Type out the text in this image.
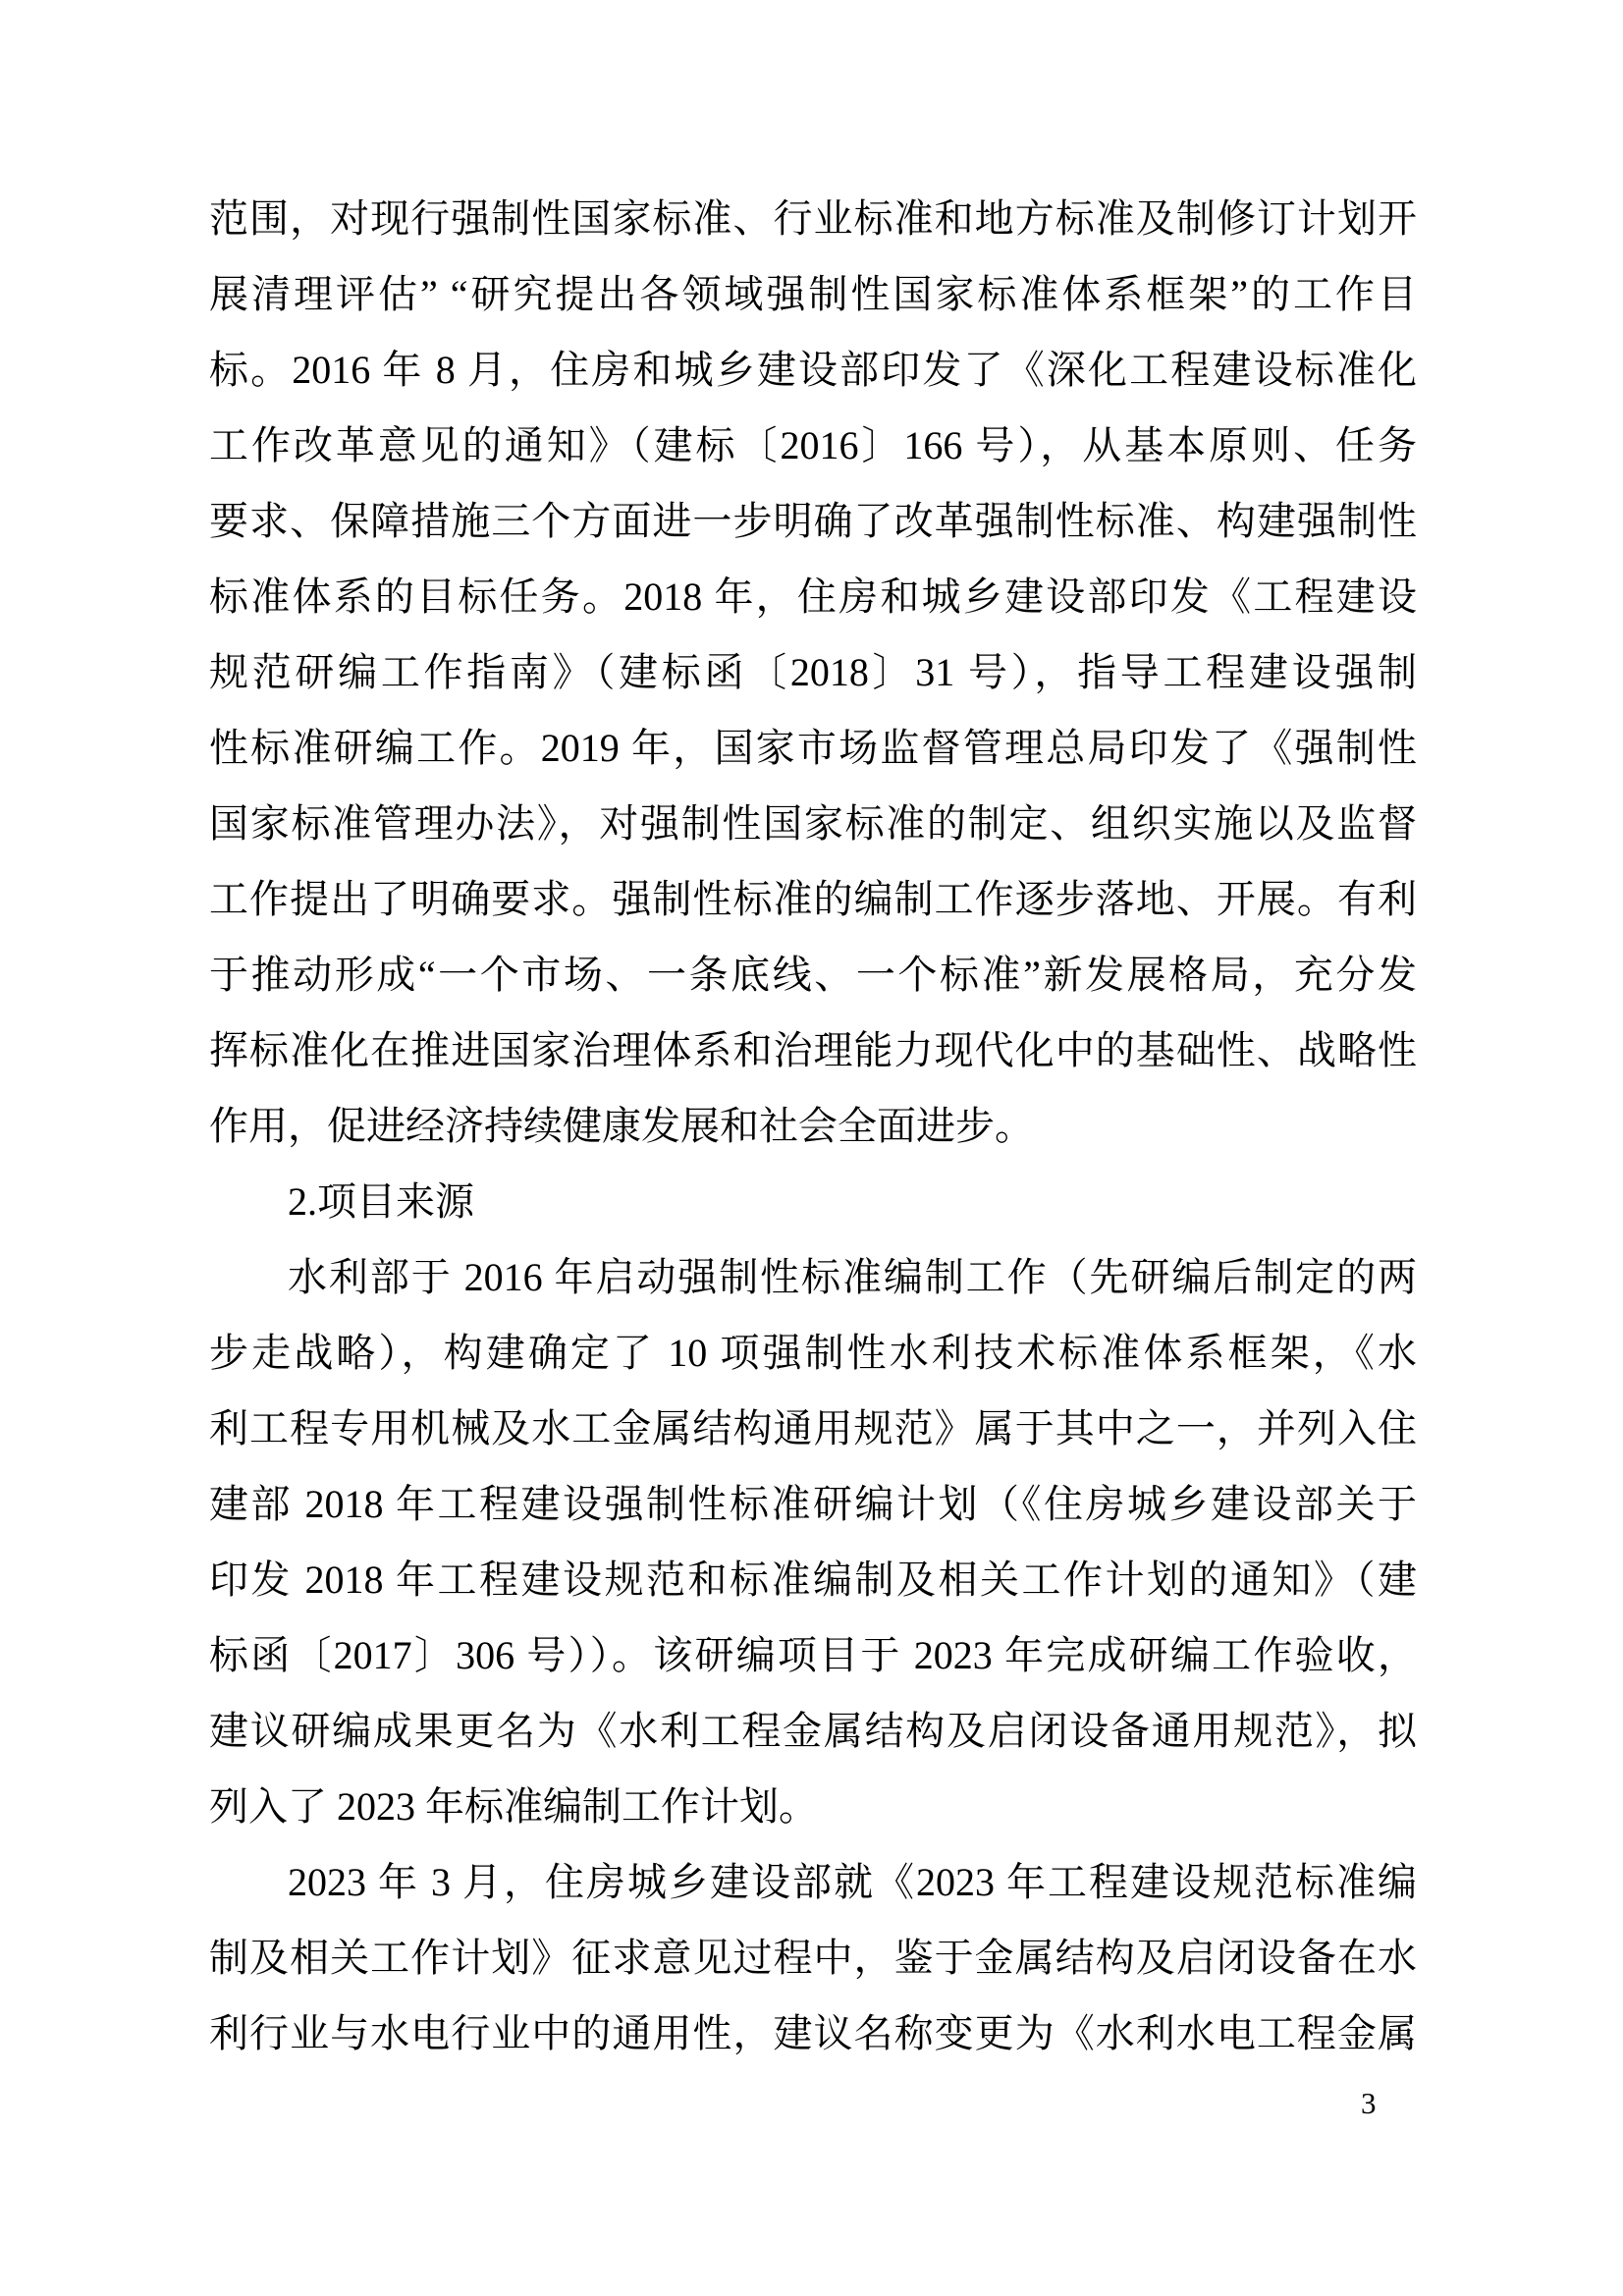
范围，对现行强制性国家标准、行业标准和地方标准及制修订计划开
展清理评估” “研究提出各领域强制性国家标准体系框架”的工作目
标。2016 年 8 月，住房和城乡建设部印发了《深化工程建设标准化
工作改革意见的通知》（建标〔2016〕166 号），从基本原则、任务
要求、保障措施三个方面进一步明确了改革强制性标准、构建强制性
标准体系的目标任务。2018 年，住房和城乡建设部印发《工程建设
规范研编工作指南》（建标函〔2018〕31 号），指导工程建设强制
性标准研编工作。2019 年，国家市场监督管理总局印发了《强制性
国家标准管理办法》，对强制性国家标准的制定、组织实施以及监督
工作提出了明确要求。强制性标准的编制工作逐步落地、开展。有利
于推动形成“一个市场、一条底线、一个标准”新发展格局，充分发
挥标准化在推进国家治理体系和治理能力现代化中的基础性、战略性
作用，促进经济持续健康发展和社会全面进步。
2.项目来源
水利部于 2016 年启动强制性标准编制工作（先研编后制定的两
步走战略），构建确定了 10 项强制性水利技术标准体系框架，《水
利工程专用机械及水工金属结构通用规范》属于其中之一，并列入住
建部 2018 年工程建设强制性标准研编计划（《住房城乡建设部关于
印发 2018 年工程建设规范和标准编制及相关工作计划的通知》（建
标函〔2017〕306 号））。该研编项目于 2023 年完成研编工作验收，
建议研编成果更名为《水利工程金属结构及启闭设备通用规范》，拟
列入了 2023 年标准编制工作计划。
2023 年 3 月，住房城乡建设部就《2023 年工程建设规范标准编
制及相关工作计划》征求意见过程中，鉴于金属结构及启闭设备在水
利行业与水电行业中的通用性，建议名称变更为《水利水电工程金属
3
